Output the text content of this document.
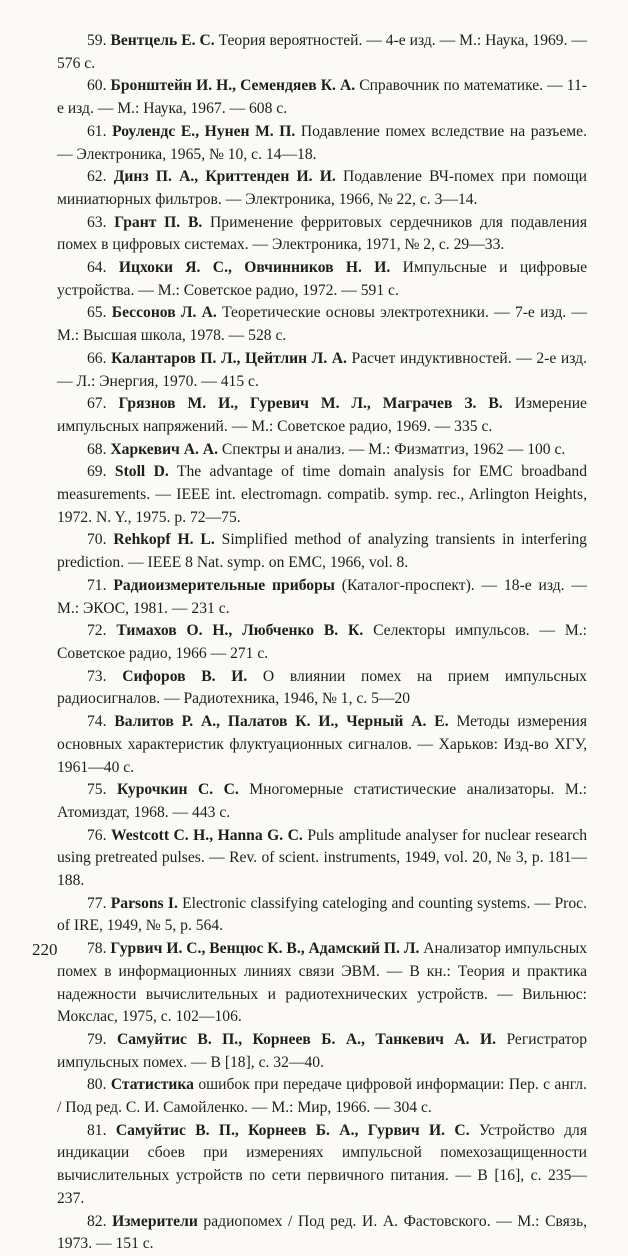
59. Вентцель Е. С. Теория вероятностей. — 4-е изд. — М.: Наука, 1969. — 576 с.

60. Бронштейн И. Н., Семендяев К. А. Справочник по математике. — 11-е изд. — М.: Наука, 1967. — 608 с.

61. Роулендс Е., Нунен М. П. Подавление помех вследствие на разъеме. — Электроника, 1965, № 10, с. 14—18.

62. Динз П. А., Криттенден И. И. Подавление ВЧ-помех при помощи миниатюрных фильтров. — Электроника, 1966, № 22, с. 3—14.

63. Грант П. В. Применение ферритовых сердечников для подавления помех в цифровых системах. — Электроника, 1971, № 2, с. 29—33.

64. Ицхоки Я. С., Овчинников Н. И. Импульсные и цифровые устройства. — М.: Советское радио, 1972. — 591 с.

65. Бессонов Л. А. Теоретические основы электротехники. — 7-е изд. — М.: Высшая школа, 1978. — 528 с.

66. Калантаров П. Л., Цейтлин Л. А. Расчет индуктивностей. — 2-е изд. — Л.: Энергия, 1970. — 415 с.

67. Грязнов М. И., Гуревич М. Л., Маграчев З. В. Измерение импульсных напряжений. — М.: Советское радио, 1969. — 335 с.

68. Харкевич А. А. Спектры и анализ. — М.: Физматгиз, 1962 — 100 с.

69. Stoll D. The advantage of time domain analysis for EMC broadband measurements. — IEEE int. electromagn. compatib. symp. rec., Arlington Heights, 1972. N. Y., 1975. p. 72—75.

70. Rehkopf H. L. Simplified method of analyzing transients in interfering prediction. — IEEE 8 Nat. symp. on EMC, 1966, vol. 8.

71. Радиоизмерительные приборы (Каталог-проспект). — 18-е изд. — М.: ЭКОС, 1981. — 231 с.

72. Тимахов О. Н., Любченко В. К. Селекторы импульсов. — М.: Советское радио, 1966 — 271 с.

73. Сифоров В. И. О влиянии помех на прием импульсных радиосигналов. — Радиотехника, 1946, № 1, с. 5—20

74. Валитов Р. А., Палатов К. И., Черный А. Е. Методы измерения основных характеристик флуктуационных сигналов. — Харьков: Изд-во ХГУ, 1961—40 с.

75. Курочкин С. С. Многомерные статистические анализаторы. М.: Атомиздат, 1968. — 443 с.

76. Westcott C. H., Hanna G. C. Puls amplitude analyser for nuclear research using pretreated pulses. — Rev. of scient. instruments, 1949, vol. 20, № 3, p. 181—188.

77. Parsons I. Electronic classifying cateloging and counting systems. — Proc. of IRE, 1949, № 5, p. 564.

78. Гурвич И. С., Венцюс К. В., Адамский П. Л. Анализатор импульсных помех в информационных линиях связи ЭВМ. — В кн.: Теория и практика надежности вычислительных и радиотехнических устройств. — Вильнюс: Мокслас, 1975, с. 102—106.

79. Самуйтис В. П., Корнеев Б. А., Танкевич А. И. Регистратор импульсных помех. — В [18], с. 32—40.

80. Статистика ошибок при передаче цифровой информации: Пер. с англ. / Под ред. С. И. Самойленко. — М.: Мир, 1966. — 304 с.

81. Самуйтис В. П., Корнеев Б. А., Гурвич И. С. Устройство для индикации сбоев при измерениях импульсной помехозащищенности вычислительных устройств по сети первичного питания. — В [16], с. 235—237.

82. Измерители радиопомех / Под ред. И. А. Фастовского. — М.: Связь, 1973. — 151 с.

220
